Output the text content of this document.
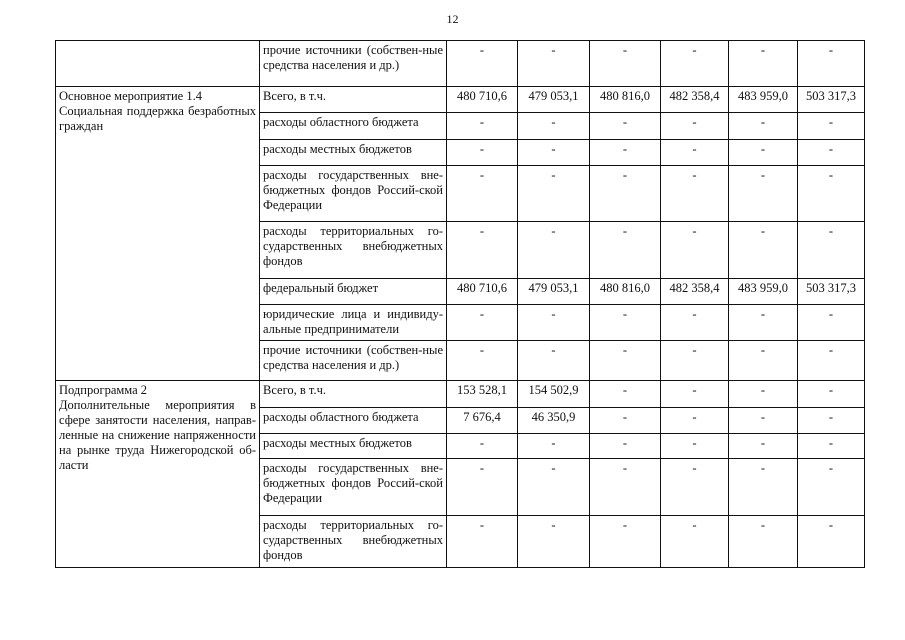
12
	прочие источники (собствен-ные средства населения и др.)	-	-	-	-	-	-

Основное мероприятие 1.4
Социальная поддержка безработных граждан	Всего, в т.ч.	480 710,6	479 053,1	480 816,0	482 358,4	483 959,0	503 317,3
	расходы областного бюджета	-	-	-	-	-	-
	расходы местных бюджетов	-	-	-	-	-	-
	расходы государственных вне-бюджетных фондов Россий-ской Федерации	-	-	-	-	-	-
	расходы территориальных го-сударственных внебюджетных фондов	-	-	-	-	-	-
	федеральный бюджет	480 710,6	479 053,1	480 816,0	482 358,4	483 959,0	503 317,3
	юридические лица и индивиду-альные предприниматели	-	-	-	-	-	-
	прочие источники (собствен-ные средства населения и др.)	-	-	-	-	-	-

Подпрограмма 2
Дополнительные мероприятия в сфере занятости населения, направ-ленные на снижение напряженности на рынке труда Нижегородской об-ласти	Всего, в т.ч.	153 528,1	154 502,9	-	-	-	-
	расходы областного бюджета	7 676,4	46 350,9	-	-	-	-
	расходы местных бюджетов	-	-	-	-	-	-
	расходы государственных вне-бюджетных фондов Россий-ской Федерации	-	-	-	-	-	-
	расходы территориальных го-сударственных внебюджетных фондов	-	-	-	-	-	-
